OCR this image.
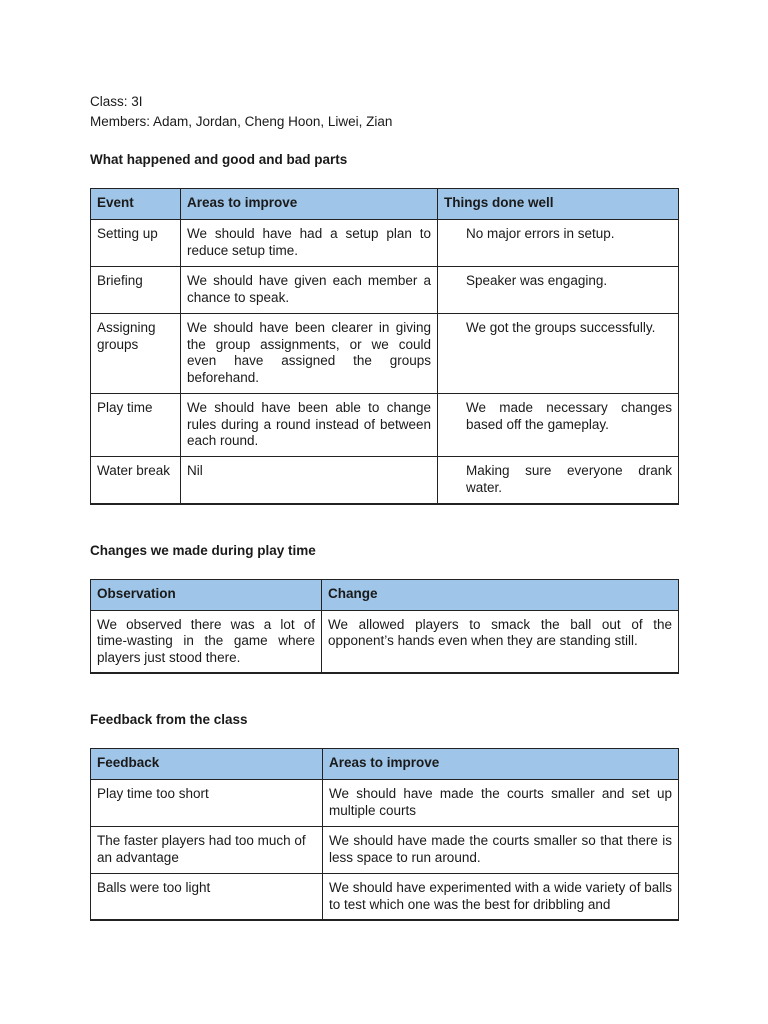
Class: 3I
Members: Adam, Jordan, Cheng Hoon, Liwei, Zian
What happened and good and bad parts
Event	Areas to improve	Things done well
Setting up	We should have had a setup plan to reduce setup time.	No major errors in setup.
Briefing	We should have given each member a chance to speak.	Speaker was engaging.
Assigning groups	We should have been clearer in giving the group assignments, or we could even have assigned the groups beforehand.	We got the groups successfully.
Play time	We should have been able to change rules during a round instead of between each round.	We made necessary changes based off the gameplay.
Water break	Nil	Making sure everyone drank water.
Changes we made during play time
Observation	Change
We observed there was a lot of time-wasting in the game where players just stood there.	We allowed players to smack the ball out of the opponent’s hands even when they are standing still.
Feedback from the class
Feedback	Areas to improve
Play time too short	We should have made the courts smaller and set up multiple courts
The faster players had too much of an advantage	We should have made the courts smaller so that there is less space to run around.
Balls were too light	We should have experimented with a wide variety of balls to test which one was the best for dribbling and
